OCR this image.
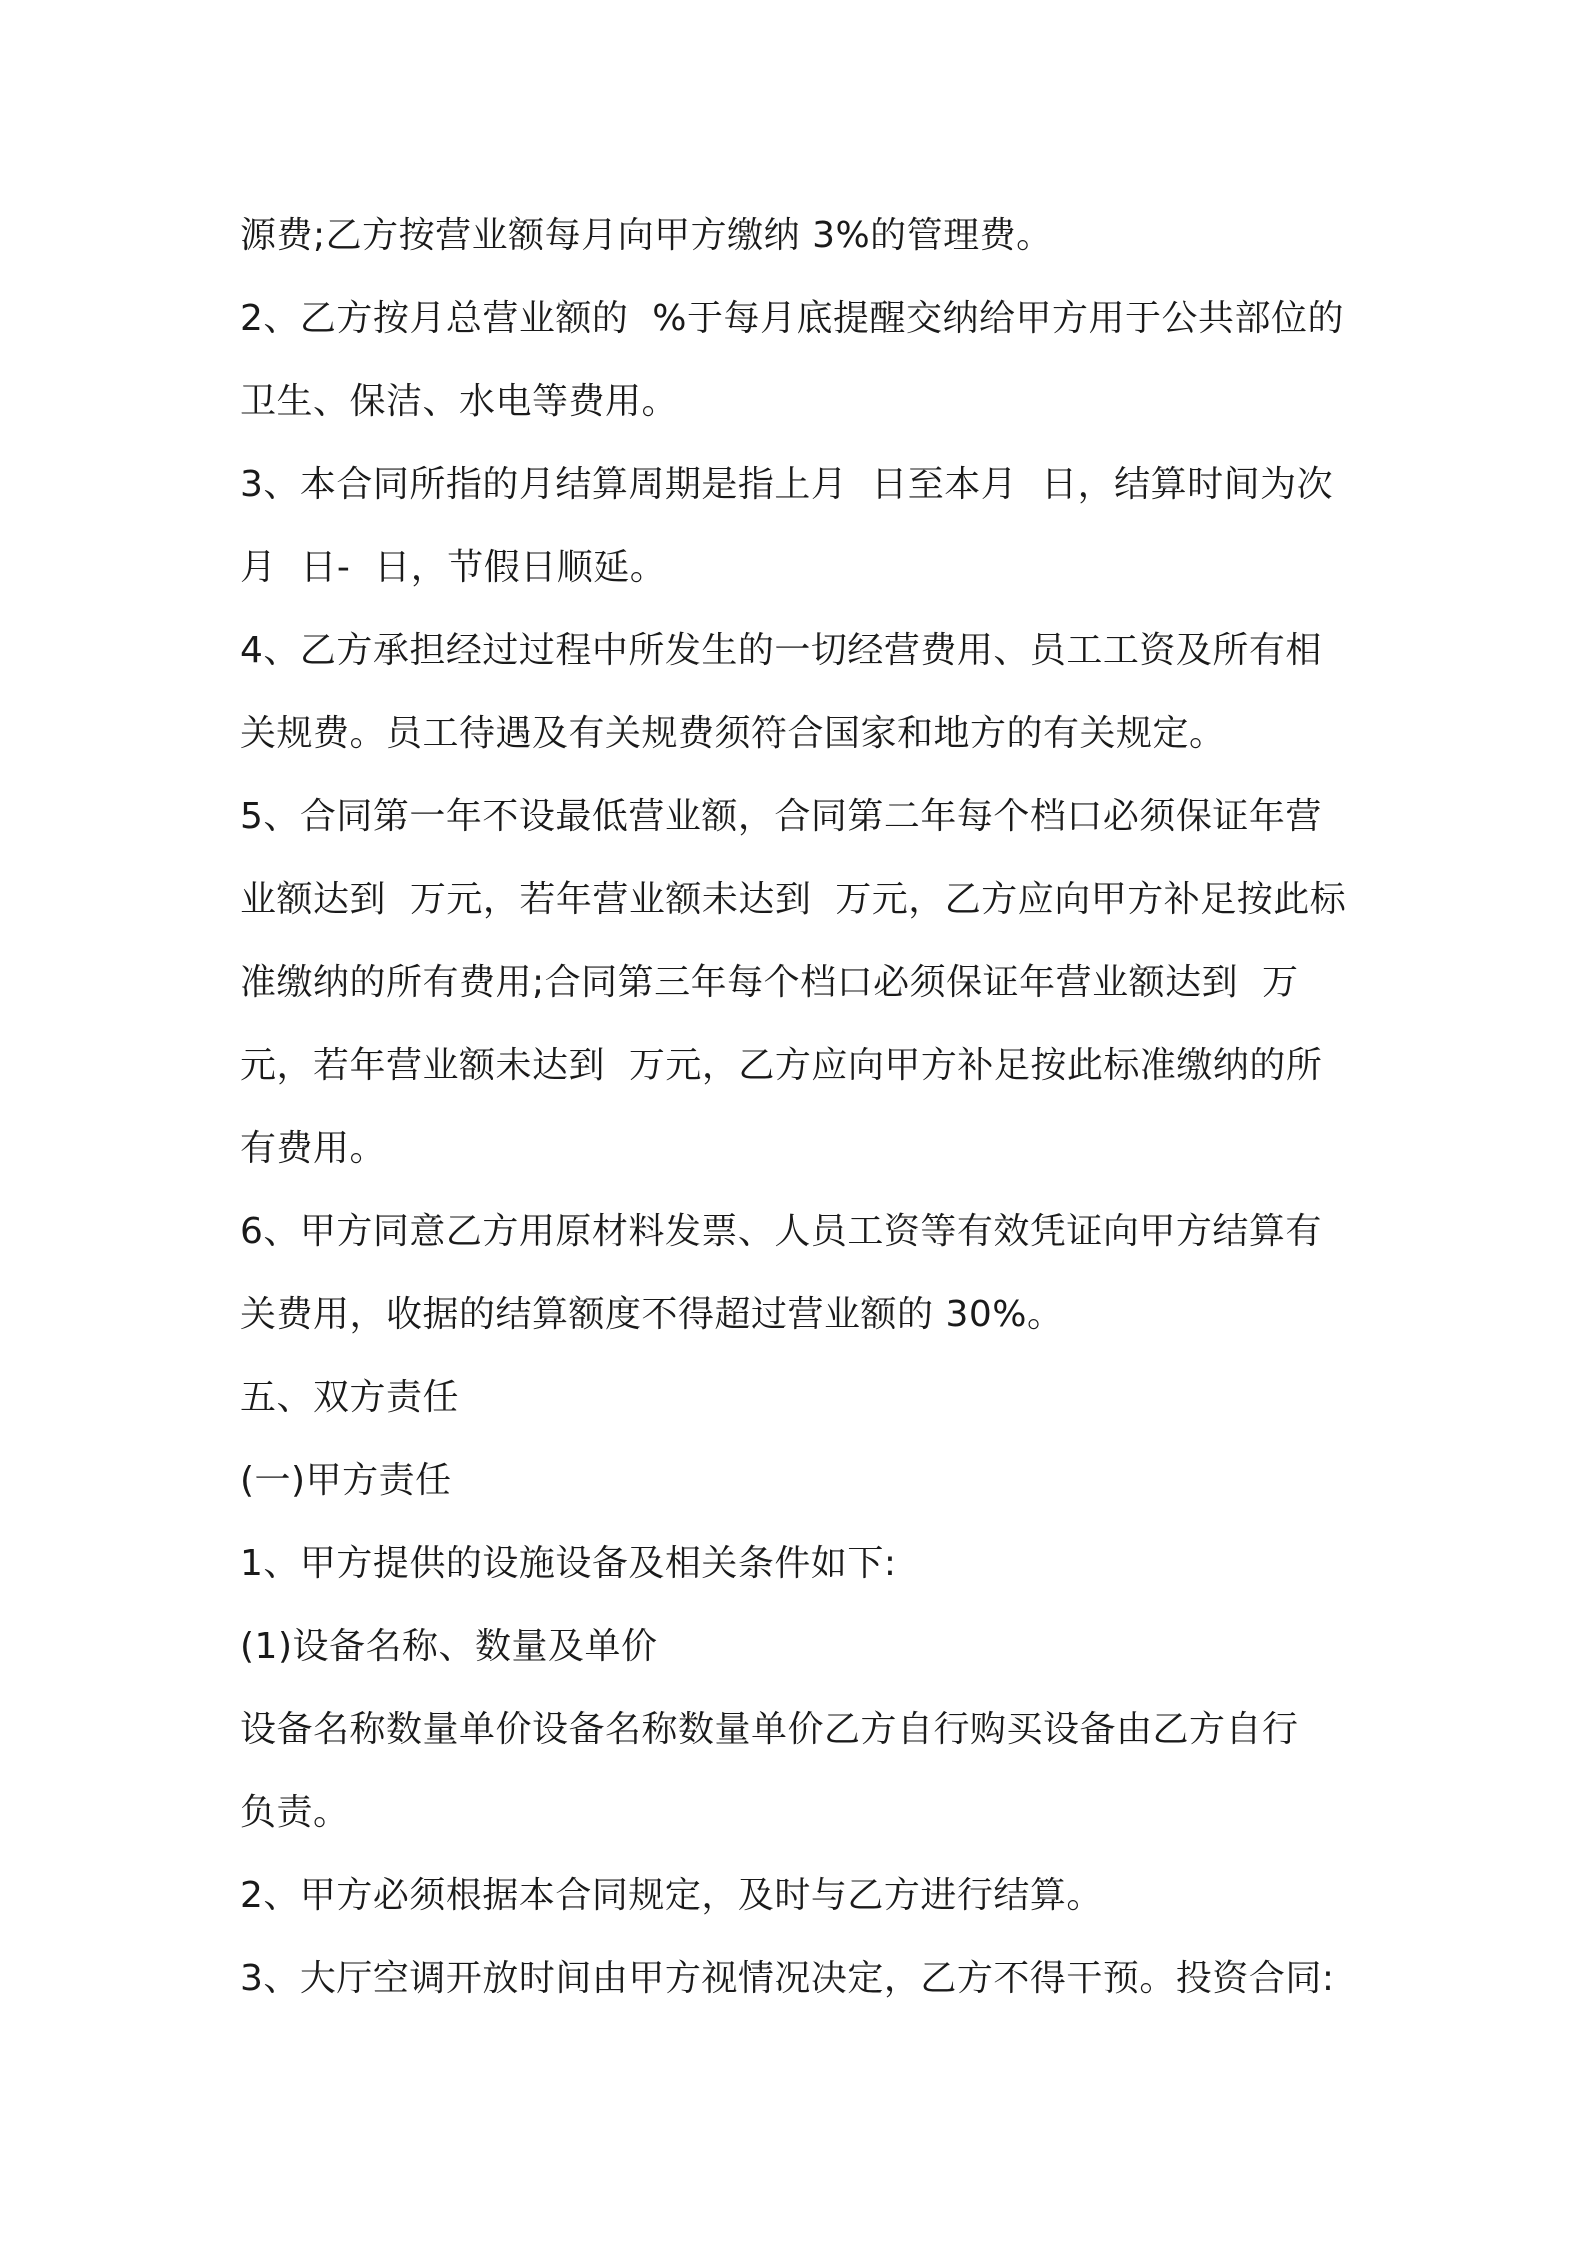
源费;乙方按营业额每月向甲方缴纳 3%的管理费。
2、乙方按月总营业额的  %于每月底提醒交纳给甲方用于公共部位的
卫生、保洁、水电等费用。
3、本合同所指的月结算周期是指上月  日至本月  日，结算时间为次
月  日-  日，节假日顺延。
4、乙方承担经过过程中所发生的一切经营费用、员工工资及所有相
关规费。员工待遇及有关规费须符合国家和地方的有关规定。
5、合同第一年不设最低营业额，合同第二年每个档口必须保证年营
业额达到  万元，若年营业额未达到  万元，乙方应向甲方补足按此标
准缴纳的所有费用;合同第三年每个档口必须保证年营业额达到  万
元，若年营业额未达到  万元，乙方应向甲方补足按此标准缴纳的所
有费用。
6、甲方同意乙方用原材料发票、人员工资等有效凭证向甲方结算有
关费用，收据的结算额度不得超过营业额的 30%。
五、双方责任
(一)甲方责任
1、甲方提供的设施设备及相关条件如下:
(1)设备名称、数量及单价
设备名称数量单价设备名称数量单价乙方自行购买设备由乙方自行
负责。
2、甲方必须根据本合同规定，及时与乙方进行结算。
3、大厅空调开放时间由甲方视情况决定，乙方不得干预。投资合同:
